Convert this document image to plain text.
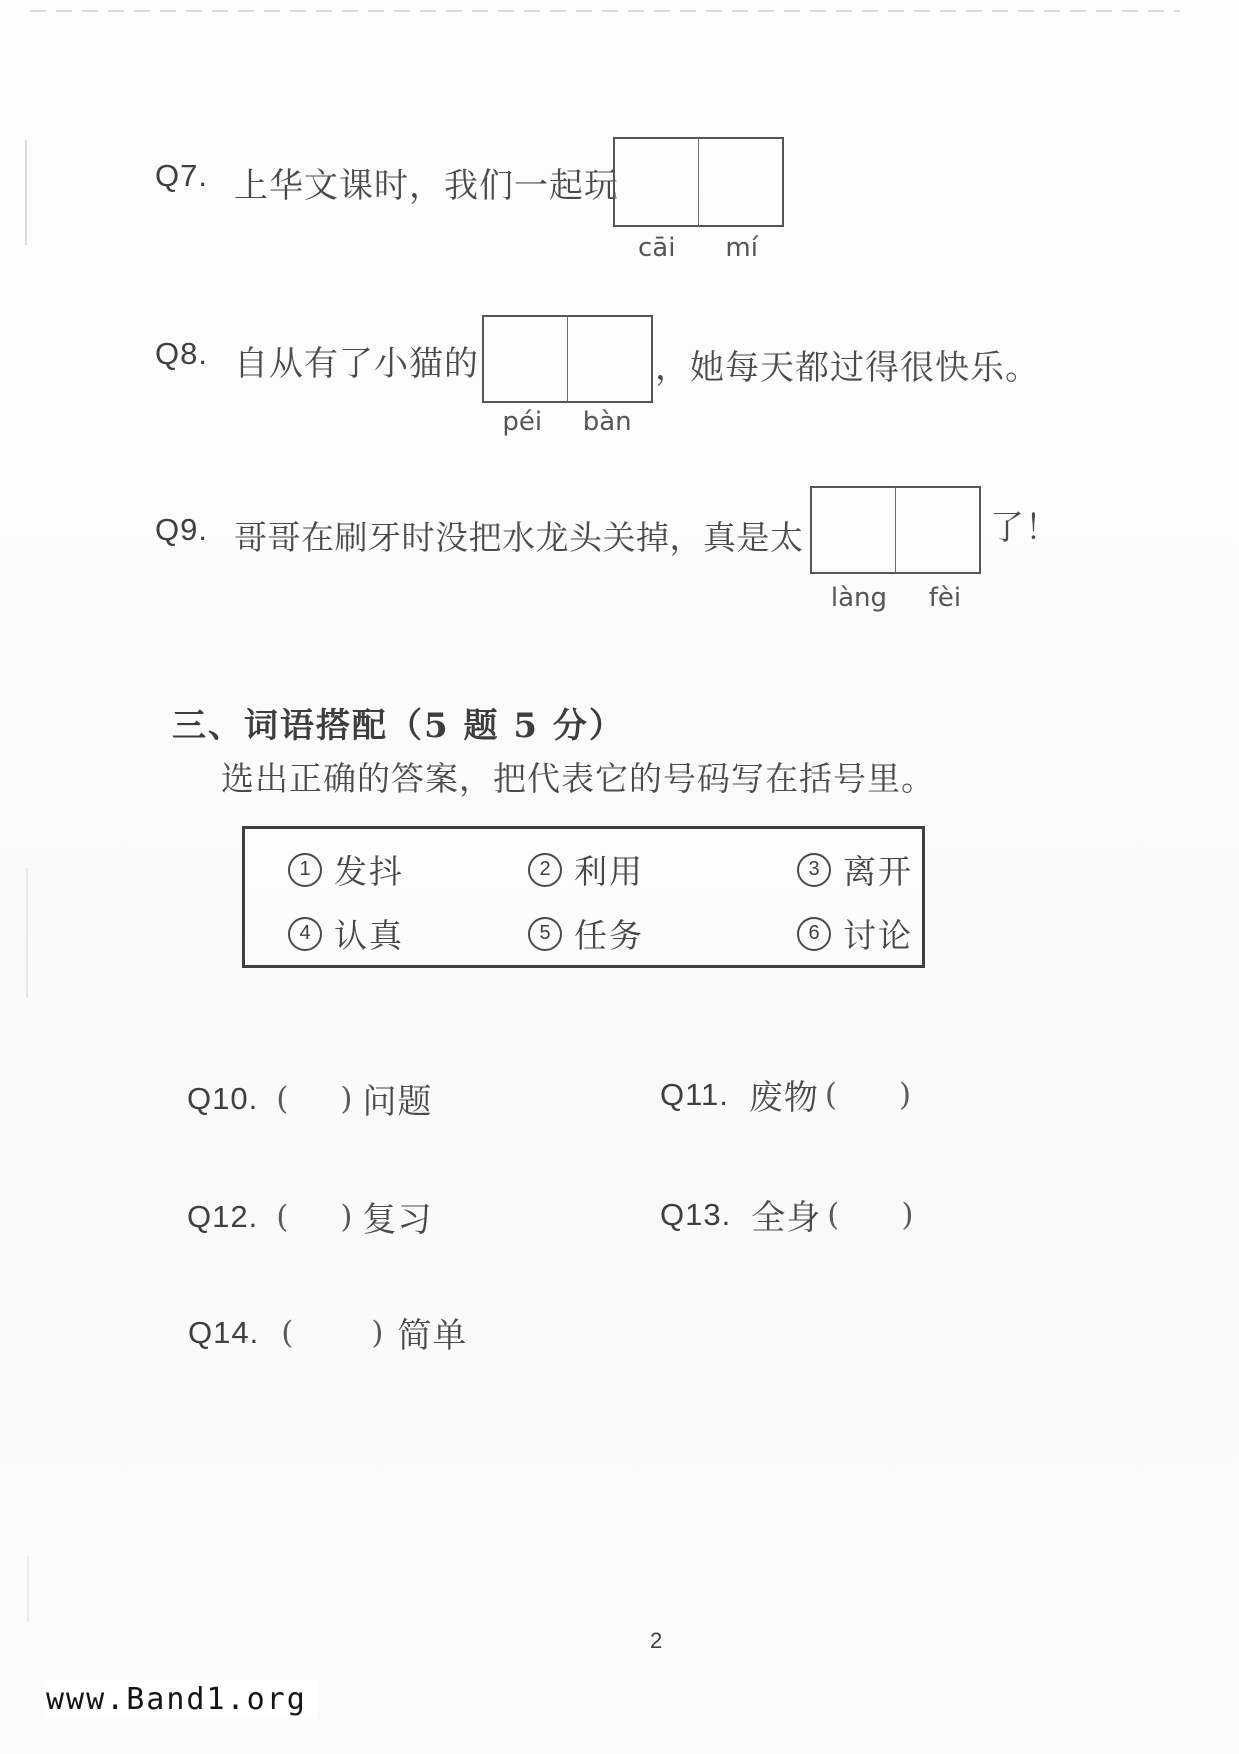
Q7. 上华文课时，我们一起玩
cāi mí
Q8. 自从有了小猫的	，她每天都过得很快乐。
péi bàn
Q9. 哥哥在刷牙时没把水龙头关掉，真是太	了！
làng fèi
三、词语搭配（5 题 5 分）
选出正确的答案，把代表它的号码写在括号里。
1 发抖	2 利用	3 离开
4 认真	5 任务	6 讨论
Q10. ( ) 问题	Q11. 废物 ( )
Q12. ( ) 复习	Q13. 全身 ( )
Q14. (	) 简单
2
www.Band1.org
